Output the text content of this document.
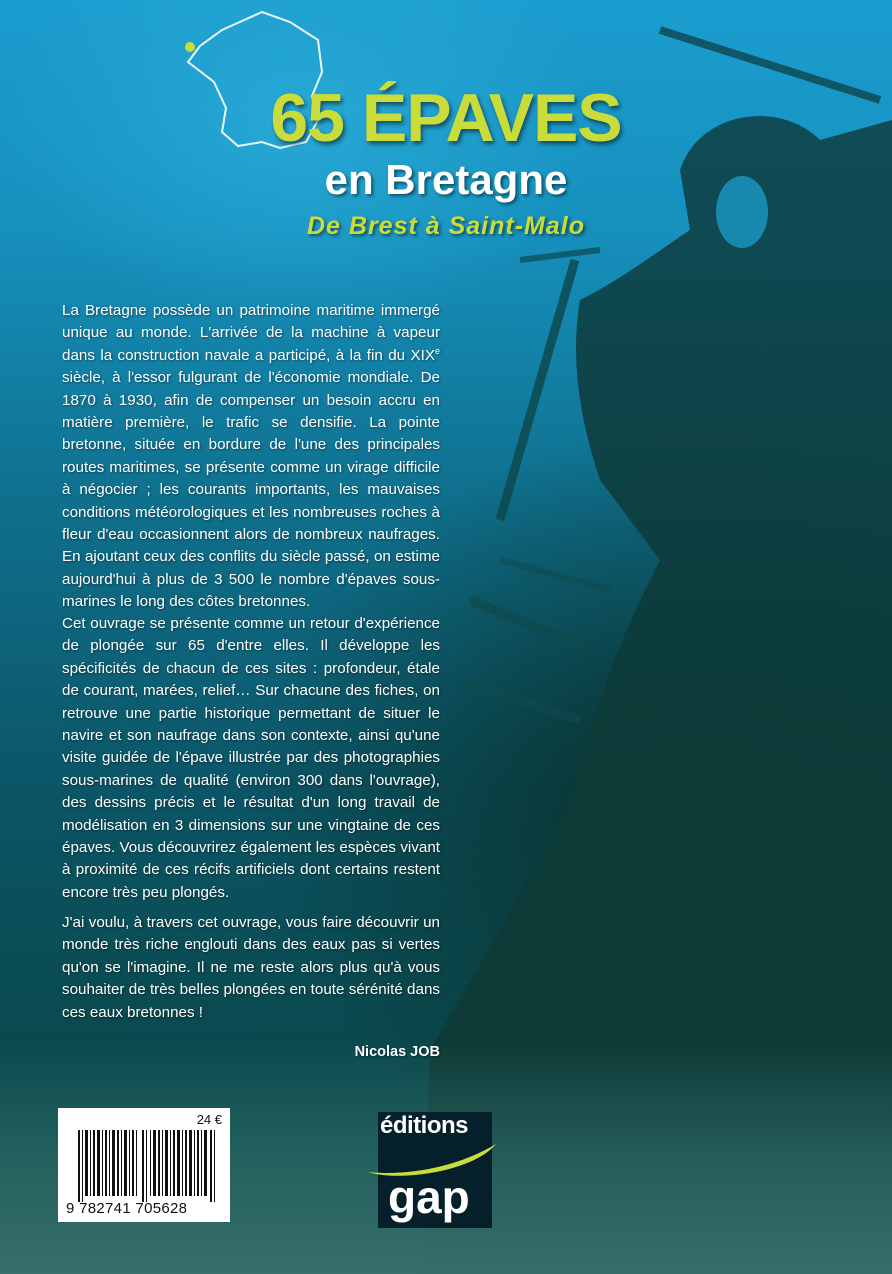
65 ÉPAVES
en Bretagne
De Brest à Saint-Malo

La Bretagne possède un patrimoine maritime immergé unique au monde. L'arrivée de la machine à vapeur dans la construction navale a participé, à la fin du XIXe siècle, à l'essor fulgurant de l'économie mondiale. De 1870 à 1930, afin de compenser un besoin accru en matière première, le trafic se densifie. La pointe bretonne, située en bordure de l'une des principales routes maritimes, se présente comme un virage difficile à négocier ; les courants importants, les mauvaises conditions météorologiques et les nombreuses roches à fleur d'eau occasionnent alors de nombreux naufrages. En ajoutant ceux des conflits du siècle passé, on estime aujourd'hui à plus de 3 500 le nombre d'épaves sous-marines le long des côtes bretonnes.

Cet ouvrage se présente comme un retour d'expérience de plongée sur 65 d'entre elles. Il développe les spécificités de chacun de ces sites : profondeur, étale de courant, marées, relief… Sur chacune des fiches, on retrouve une partie historique permettant de situer le navire et son naufrage dans son contexte, ainsi qu'une visite guidée de l'épave illustrée par des photographies sous-marines de qualité (environ 300 dans l'ouvrage), des dessins précis et le résultat d'un long travail de modélisation en 3 dimensions sur une vingtaine de ces épaves. Vous découvrirez également les espèces vivant à proximité de ces récifs artificiels dont certains restent encore très peu plongés.

J'ai voulu, à travers cet ouvrage, vous faire découvrir un monde très riche englouti dans des eaux pas si vertes qu'on se l'imagine. Il ne me reste alors plus qu'à vous souhaiter de très belles plongées en toute sérénité dans ces eaux bretonnes !

Nicolas JOB
24 €
9 782741 705628
éditions
gap
